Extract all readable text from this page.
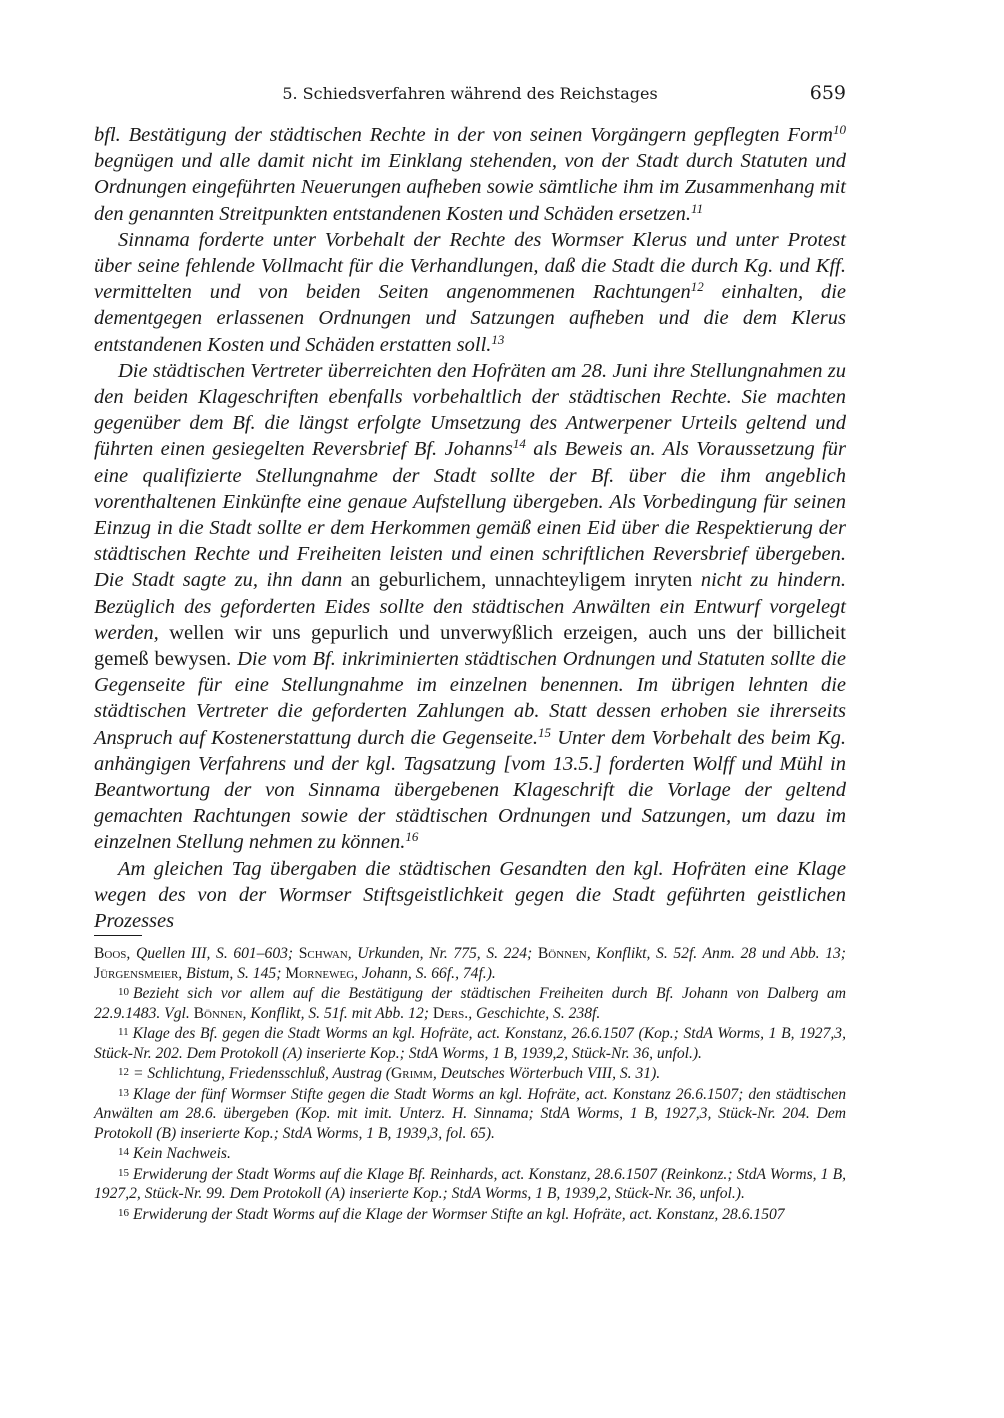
5. Schiedsverfahren während des Reichstages	659

bfl. Bestätigung der städtischen Rechte in der von seinen Vorgängern gepflegten Form$^{10}$ begnügen und alle damit nicht im Einklang stehenden, von der Stadt durch Statuten und Ordnungen eingeführten Neuerungen aufheben sowie sämtliche ihm im Zusammenhang mit den genannten Streitpunkten entstandenen Kosten und Schäden ersetzen.$^{11}$

Sinnama forderte unter Vorbehalt der Rechte des Wormser Klerus und unter Protest über seine fehlende Vollmacht für die Verhandlungen, daß die Stadt die durch Kg. und Kff. vermittelten und von beiden Seiten angenommenen Rachtungen$^{12}$ einhalten, die dementgegen erlassenen Ordnungen und Satzungen aufheben und die dem Klerus entstandenen Kosten und Schäden erstatten soll.$^{13}$

Die städtischen Vertreter überreichten den Hofräten am 28. Juni ihre Stellungnahmen zu den beiden Klageschriften ebenfalls vorbehaltlich der städtischen Rechte. Sie machten gegenüber dem Bf. die längst erfolgte Umsetzung des Antwerpener Urteils geltend und führten einen gesiegelten Reversbrief Bf. Johanns$^{14}$ als Beweis an. Als Voraussetzung für eine qualifizierte Stellungnahme der Stadt sollte der Bf. über die ihm angeblich vorenthaltenen Einkünfte eine genaue Aufstellung übergeben. Als Vorbedingung für seinen Einzug in die Stadt sollte er dem Herkommen gemäß einen Eid über die Respektierung der städtischen Rechte und Freiheiten leisten und einen schriftlichen Reversbrief übergeben. Die Stadt sagte zu, ihn dann an geburlichem, unnachteyligem inryten nicht zu hindern. Bezüglich des geforderten Eides sollte den städtischen Anwälten ein Entwurf vorgelegt werden, wellen wir uns gepurlich und unverwyßlich erzeigen, auch uns der billicheit gemeß bewysen. Die vom Bf. inkriminierten städtischen Ordnungen und Statuten sollte die Gegenseite für eine Stellungnahme im einzelnen benennen. Im übrigen lehnten die städtischen Vertreter die geforderten Zahlungen ab. Statt dessen erhoben sie ihrerseits Anspruch auf Kostenerstattung durch die Gegenseite.$^{15}$ Unter dem Vorbehalt des beim Kg. anhängigen Verfahrens und der kgl. Tagsatzung [vom 13.5.] forderten Wolff und Mühl in Beantwortung der von Sinnama übergebenen Klageschrift die Vorlage der geltend gemachten Rachtungen sowie der städtischen Ordnungen und Satzungen, um dazu im einzelnen Stellung nehmen zu können.$^{16}$

Am gleichen Tag übergaben die städtischen Gesandten den kgl. Hofräten eine Klage wegen des von der Wormser Stiftsgeistlichkeit gegen die Stadt geführten geistlichen Prozesses

Boos, Quellen III, S. 601–603; Schwan, Urkunden, Nr. 775, S. 224; Bönnen, Konflikt, S. 52f. Anm. 28 und Abb. 13; Jürgensmeier, Bistum, S. 145; Morneweg, Johann, S. 66f., 74f.).

10 Bezieht sich vor allem auf die Bestätigung der städtischen Freiheiten durch Bf. Johann von Dalberg am 22.9.1483. Vgl. Bönnen, Konflikt, S. 51f. mit Abb. 12; Ders., Geschichte, S. 238f.

11 Klage des Bf. gegen die Stadt Worms an kgl. Hofräte, act. Konstanz, 26.6.1507 (Kop.; StdA Worms, 1 B, 1927,3, Stück-Nr. 202. Dem Protokoll (A) inserierte Kop.; StdA Worms, 1 B, 1939,2, Stück-Nr. 36, unfol.).

12 = Schlichtung, Friedensschluß, Austrag (Grimm, Deutsches Wörterbuch VIII, S. 31).

13 Klage der fünf Wormser Stifte gegen die Stadt Worms an kgl. Hofräte, act. Konstanz 26.6.1507; den städtischen Anwälten am 28.6. übergeben (Kop. mit imit. Unterz. H. Sinnama; StdA Worms, 1 B, 1927,3, Stück-Nr. 204. Dem Protokoll (B) inserierte Kop.; StdA Worms, 1 B, 1939,3, fol. 65).

14 Kein Nachweis.

15 Erwiderung der Stadt Worms auf die Klage Bf. Reinhards, act. Konstanz, 28.6.1507 (Reinkonz.; StdA Worms, 1 B, 1927,2, Stück-Nr. 99. Dem Protokoll (A) inserierte Kop.; StdA Worms, 1 B, 1939,2, Stück-Nr. 36, unfol.).

16 Erwiderung der Stadt Worms auf die Klage der Wormser Stifte an kgl. Hofräte, act. Konstanz, 28.6.1507
